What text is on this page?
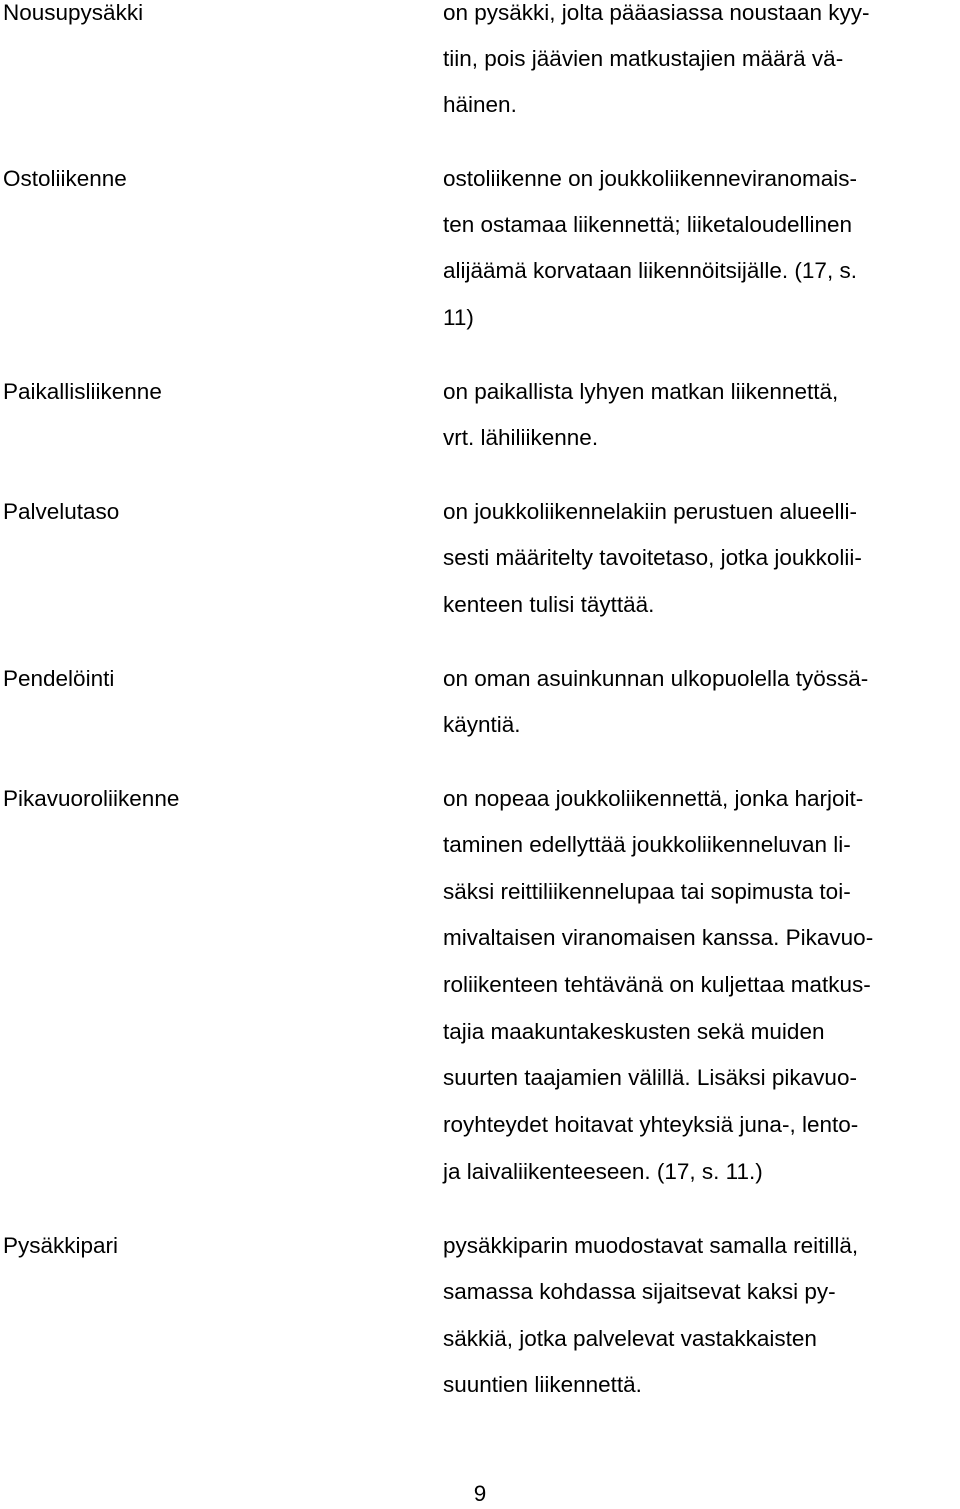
Nousupysäkki	on pysäkki, jolta pääasiassa noustaan kyy-
tiin, pois jäävien matkustajien määrä vä-
häinen.
Ostoliikenne	ostoliikenne on joukkoliikenneviranomais-
ten ostamaa liikennettä; liiketaloudellinen
alijäämä korvataan liikennöitsijälle. (17, s.
11)
Paikallisliikenne	on paikallista lyhyen matkan liikennettä,
vrt. lähiliikenne.
Palvelutaso	on joukkoliikennelakiin perustuen alueelli-
sesti määritelty tavoitetaso, jotka joukkolii-
kenteen tulisi täyttää.
Pendelöinti	on oman asuinkunnan ulkopuolella työssä-
käyntiä.
Pikavuoroliikenne	on nopeaa joukkoliikennettä, jonka harjoit-
taminen edellyttää joukkoliikenneluvan li-
säksi reittiliikennelupaa tai sopimusta toi-
mivaltaisen viranomaisen kanssa. Pikavuo-
roliikenteen tehtävänä on kuljettaa matkus-
tajia maakuntakeskusten sekä muiden
suurten taajamien välillä. Lisäksi pikavuo-
royhteydet hoitavat yhteyksiä juna-, lento-
ja laivaliikenteeseen. (17, s. 11.)
Pysäkkipari	pysäkkiparin muodostavat samalla reitillä,
samassa kohdassa sijaitsevat kaksi py-
säkkiä, jotka palvelevat vastakkaisten
suuntien liikennettä.
9
